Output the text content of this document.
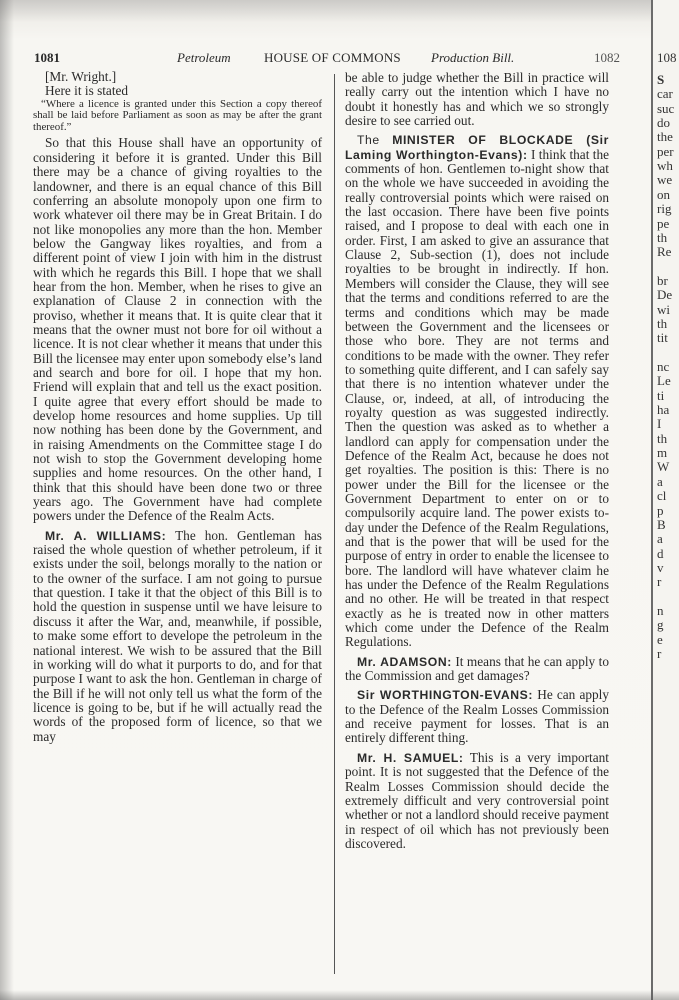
1081	Petroleum	HOUSE OF COMMONS Production Bill.	1082

[Mr. Wright.]

Here it is stated

“Where a licence is granted under this Section a copy thereof shall be laid before Parliament as soon as may be after the grant thereof.”

So that this House shall have an opportunity of considering it before it is granted. Under this Bill there may be a chance of giving royalties to the landowner, and there is an equal chance of this Bill conferring an absolute monopoly upon one firm to work whatever oil there may be in Great Britain. I do not like monopolies any more than the hon. Member below the Gangway likes royalties, and from a different point of view I join with him in the distrust with which he regards this Bill. I hope that we shall hear from the hon. Member, when he rises to give an explanation of Clause 2 in connection with the proviso, whether it means that. It is quite clear that it means that the owner must not bore for oil without a licence. It is not clear whether it means that under this Bill the licensee may enter upon somebody else’s land and search and bore for oil. I hope that my hon. Friend will explain that and tell us the exact position. I quite agree that every effort should be made to develop home resources and home supplies. Up till now nothing has been done by the Government, and in raising Amendments on the Committee stage I do not wish to stop the Government developing home supplies and home resources. On the other hand, I think that this should have been done two or three years ago. The Government have had complete powers under the Defence of the Realm Acts.

Mr. A. WILLIAMS: The hon. Gentleman has raised the whole question of whether petroleum, if it exists under the soil, belongs morally to the nation or to the owner of the surface. I am not going to pursue that question. I take it that the object of this Bill is to hold the question in suspense until we have leisure to discuss it after the War, and, meanwhile, if possible, to make some effort to develope the petroleum in the national interest. We wish to be assured that the Bill in working will do what it purports to do, and for that purpose I want to ask the hon. Gentleman in charge of the Bill if he will not only tell us what the form of the licence is going to be, but if he will actually read the words of the proposed form of licence, so that we may

be able to judge whether the Bill in practice will really carry out the intention which I have no doubt it honestly has and which we so strongly desire to see carried out.

The MINISTER OF BLOCKADE (Sir Laming Worthington-Evans): I think that the comments of hon. Gentlemen to-night show that on the whole we have succeeded in avoiding the really controversial points which were raised on the last occasion. There have been five points raised, and I propose to deal with each one in order. First, I am asked to give an assurance that Clause 2, Sub-section (1), does not include royalties to be brought in indirectly. If hon. Members will consider the Clause, they will see that the terms and conditions referred to are the terms and conditions which may be made between the Government and the licensees or those who bore. They are not terms and conditions to be made with the owner. They refer to something quite different, and I can safely say that there is no intention whatever under the Clause, or, indeed, at all, of introducing the royalty question as was suggested indirectly. Then the question was asked as to whether a landlord can apply for compensation under the Defence of the Realm Act, because he does not get royalties. The position is this: There is no power under the Bill for the licensee or the Government Department to enter on or to compulsorily acquire land. The power exists to-day under the Defence of the Realm Regulations, and that is the power that will be used for the purpose of entry in order to enable the licensee to bore. The landlord will have whatever claim he has under the Defence of the Realm Regulations and no other. He will be treated in that respect exactly as he is treated now in other matters which come under the Defence of the Realm Regulations.

Mr. ADAMSON: It means that he can apply to the Commission and get damages?

Sir WORTHINGTON-EVANS: He can apply to the Defence of the Realm Losses Commission and receive payment for losses. That is an entirely different thing.

Mr. H. SAMUEL: This is a very important point. It is not suggested that the Defence of the Realm Losses Commission should decide the extremely difficult and very controversial point whether or not a landlord should receive payment in respect of oil which has not previously been discovered.

108
S
car
suc
do
the
per
wh
we
on
rig
pe
th
Re
br
De
wi
th
tit
nc
Le
ti
ha
I
th
m
W
a
cl
p
B
a
d
v
r
n
g
e
r
